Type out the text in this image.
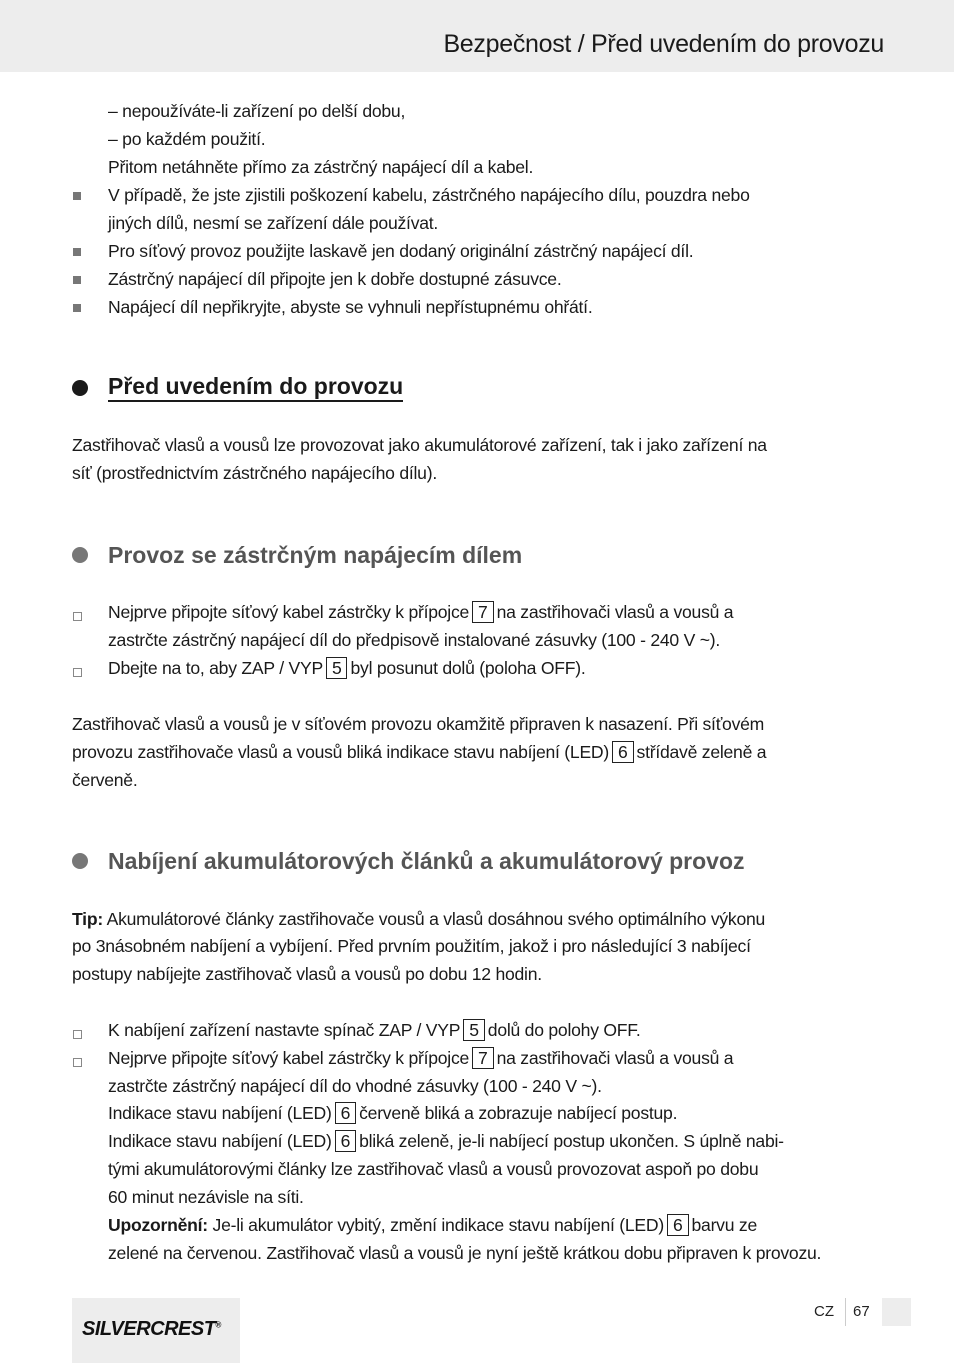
Bezpečnost / Před uvedením do provozu
– nepoužíváte-li zařízení po delší dobu,
– po každém použití.
Přitom netáhněte přímo za zástrčný napájecí díl a kabel.
V případě, že jste zjistili poškození kabelu, zástrčného napájecího dílu, pouzdra nebo
jiných dílů, nesmí se zařízení dále používat.
Pro síťový provoz použijte laskavě jen dodaný originální zástrčný napájecí díl.
Zástrčný napájecí díl připojte jen k dobře dostupné zásuvce.
Napájecí díl nepřikryjte, abyste se vyhnuli nepřístupnému ohřátí.
Před uvedením do provozu
Zastřihovač vlasů a vousů lze provozovat jako akumulátorové zařízení, tak i jako zařízení na
síť (prostřednictvím zástrčného napájecího dílu).
Provoz se zástrčným napájecím dílem
Nejprve připojte síťový kabel zástrčky k přípojce 7 na zastřihovači vlasů a vousů a
zastrčte zástrčný napájecí díl do předpisově instalované zásuvky (100 - 240 V ~).
Dbejte na to, aby ZAP / VYP 5 byl posunut dolů (poloha OFF).
Zastřihovač vlasů a vousů je v síťovém provozu okamžitě připraven k nasazení. Při síťovém
provozu zastřihovače vlasů a vousů bliká indikace stavu nabíjení (LED) 6 střídavě zeleně a
červeně.
Nabíjení akumulátorových článků a akumulátorový provoz
Tip: Akumulátorové články zastřihovače vousů a vlasů dosáhnou svého optimálního výkonu
po 3násobném nabíjení a vybíjení. Před prvním použitím, jakož i pro následující 3 nabíjecí
postupy nabíjejte zastřihovač vlasů a vousů po dobu 12 hodin.
K nabíjení zařízení nastavte spínač ZAP / VYP 5 dolů do polohy OFF.
Nejprve připojte síťový kabel zástrčky k přípojce 7 na zastřihovači vlasů a vousů a
zastrčte zástrčný napájecí díl do vhodné zásuvky (100 - 240 V ~).
Indikace stavu nabíjení (LED) 6 červeně bliká a zobrazuje nabíjecí postup.
Indikace stavu nabíjení (LED) 6 bliká zeleně, je-li nabíjecí postup ukončen. S úplně nabi-
tými akumulátorovými články lze zastřihovač vlasů a vousů provozovat aspoň po dobu
60 minut nezávisle na síti.
Upozornění: Je-li akumulátor vybitý, změní indikace stavu nabíjení (LED) 6 barvu ze
zelené na červenou. Zastřihovač vlasů a vousů je nyní ještě krátkou dobu připraven k provozu.
SILVERCREST®
CZ 67
